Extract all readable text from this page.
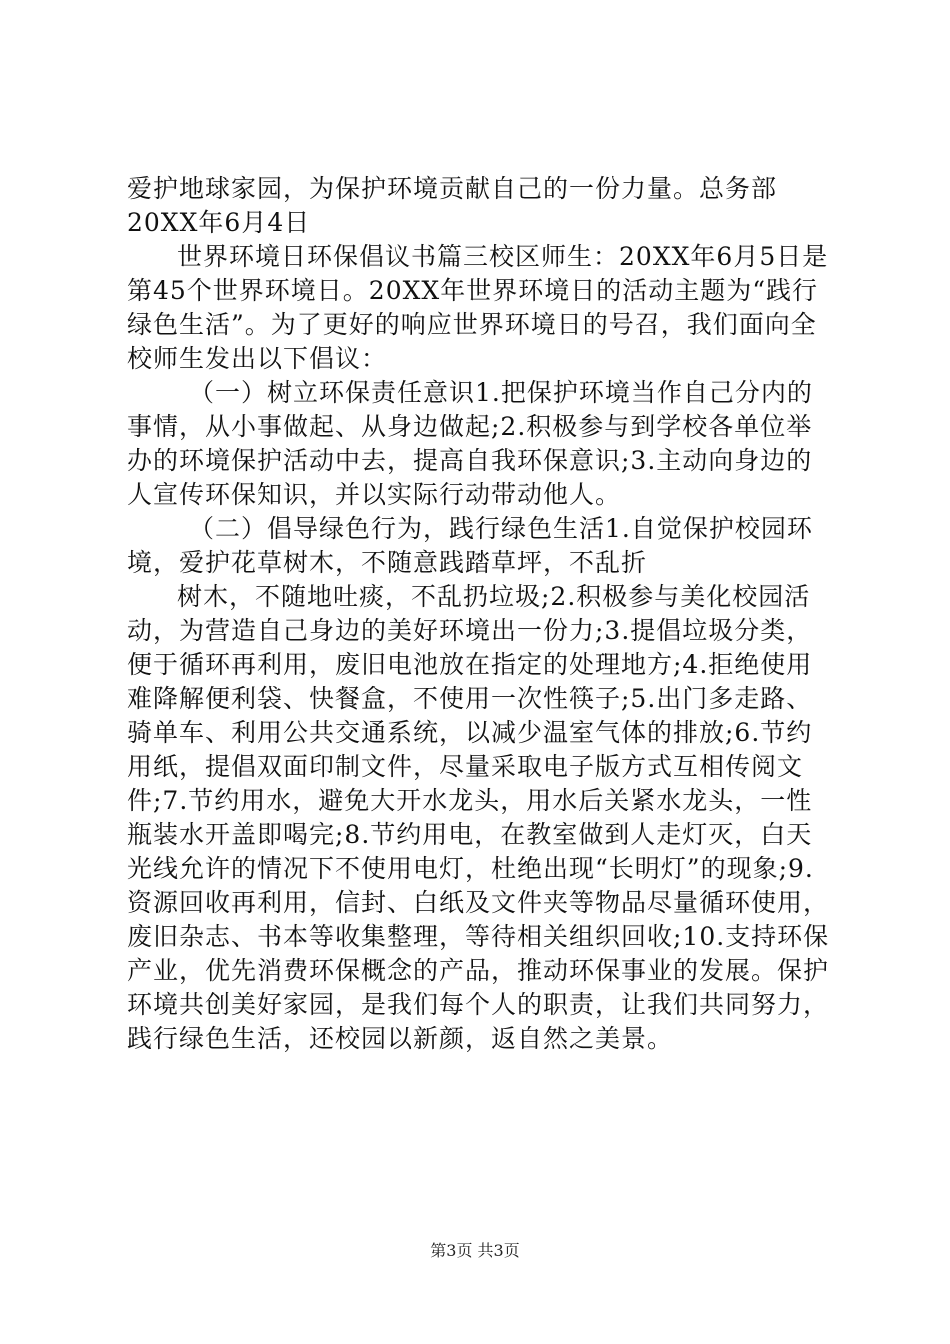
爱护地球家园，为保护环境贡献自己的一份力量。总务部20XX年6月4日

世界环境日环保倡议书篇三校区师生：20XX年6月5日是第45个世界环境日。20XX年世界环境日的活动主题为“践行绿色生活”。为了更好的响应世界环境日的号召，我们面向全校师生发出以下倡议：

（一）树立环保责任意识1.把保护环境当作自己分内的事情，从小事做起、从身边做起;2.积极参与到学校各单位举办的环境保护活动中去，提高自我环保意识;3.主动向身边的人宣传环保知识，并以实际行动带动他人。

（二）倡导绿色行为，践行绿色生活1.自觉保护校园环境，爱护花草树木，不随意践踏草坪，不乱折

树木，不随地吐痰，不乱扔垃圾;2.积极参与美化校园活动，为营造自己身边的美好环境出一份力;3.提倡垃圾分类，便于循环再利用，废旧电池放在指定的处理地方;4.拒绝使用难降解便利袋、快餐盒，不使用一次性筷子;5.出门多走路、骑单车、利用公共交通系统，以减少温室气体的排放;6.节约用纸，提倡双面印制文件，尽量采取电子版方式互相传阅文件;7.节约用水，避免大开水龙头，用水后关紧水龙头，一性瓶装水开盖即喝完;8.节约用电，在教室做到人走灯灭，白天光线允许的情况下不使用电灯，杜绝出现“长明灯”的现象;9.资源回收再利用，信封、白纸及文件夹等物品尽量循环使用，废旧杂志、书本等收集整理，等待相关组织回收;10.支持环保产业，优先消费环保概念的产品，推动环保事业的发展。保护环境共创美好家园，是我们每个人的职责，让我们共同努力，践行绿色生活，还校园以新颜，返自然之美景。

第3页 共3页
